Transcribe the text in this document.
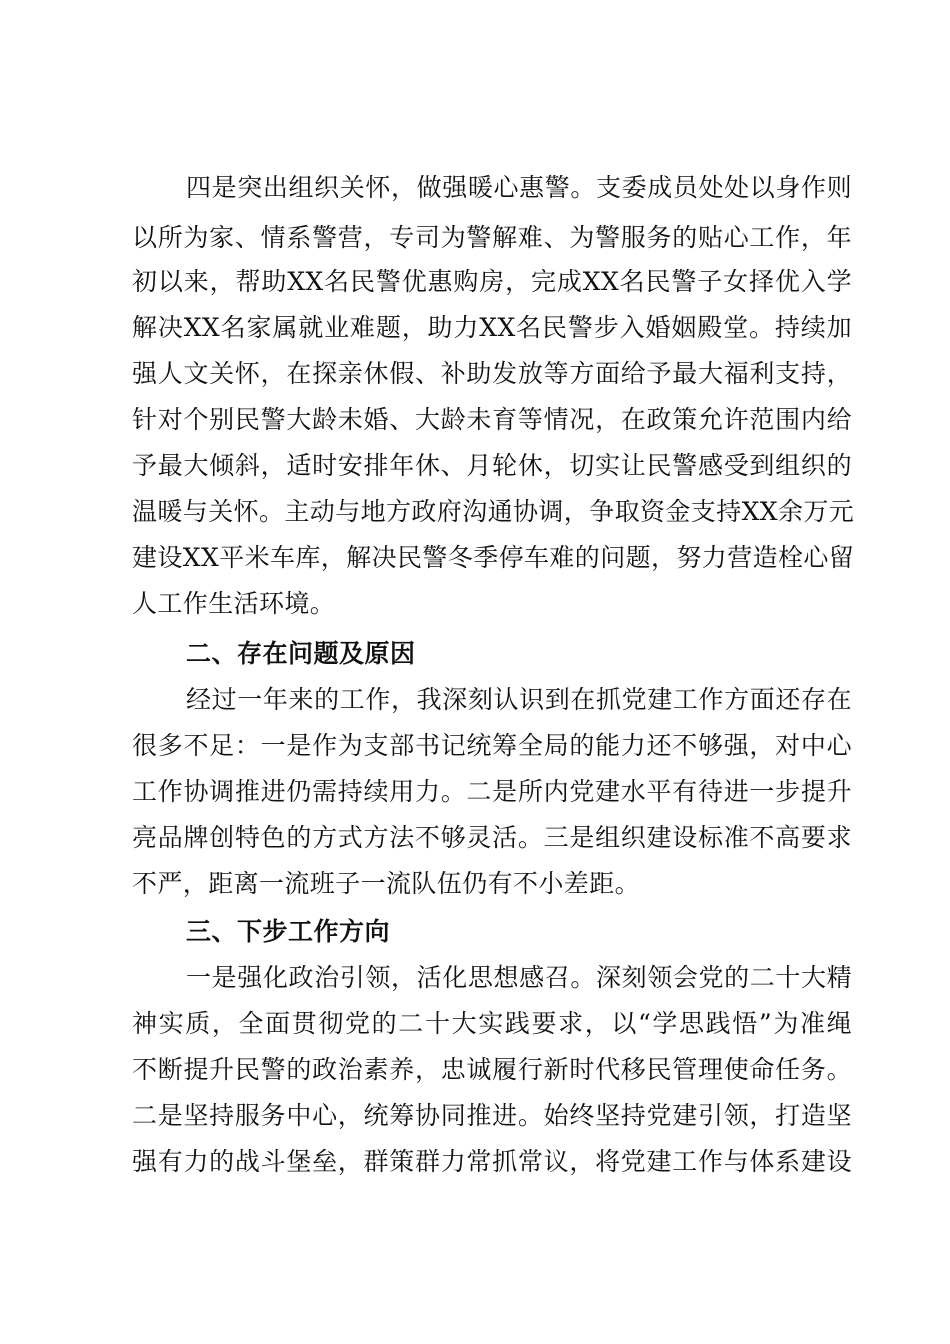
四是突出组织关怀，做强暖心惠警。支委成员处处以身作则
以所为家、情系警营，专司为警解难、为警服务的贴心工作，年
初以来，帮助XX名民警优惠购房，完成XX名民警子女择优入学
解决XX名家属就业难题，助力XX名民警步入婚姻殿堂。持续加
强人文关怀，在探亲休假、补助发放等方面给予最大福利支持，
针对个别民警大龄未婚、大龄未育等情况，在政策允许范围内给
予最大倾斜，适时安排年休、月轮休，切实让民警感受到组织的
温暖与关怀。主动与地方政府沟通协调，争取资金支持XX余万元
建设XX平米车库，解决民警冬季停车难的问题，努力营造栓心留
人工作生活环境。
二、存在问题及原因
经过一年来的工作，我深刻认识到在抓党建工作方面还存在
很多不足：一是作为支部书记统筹全局的能力还不够强，对中心
工作协调推进仍需持续用力。二是所内党建水平有待进一步提升
亮品牌创特色的方式方法不够灵活。三是组织建设标准不高要求
不严，距离一流班子一流队伍仍有不小差距。
三、下步工作方向
一是强化政治引领，活化思想感召。深刻领会党的二十大精
神实质，全面贯彻党的二十大实践要求，以“学思践悟”为准绳
不断提升民警的政治素养，忠诚履行新时代移民管理使命任务。
二是坚持服务中心，统筹协同推进。始终坚持党建引领，打造坚
强有力的战斗堡垒，群策群力常抓常议，将党建工作与体系建设
